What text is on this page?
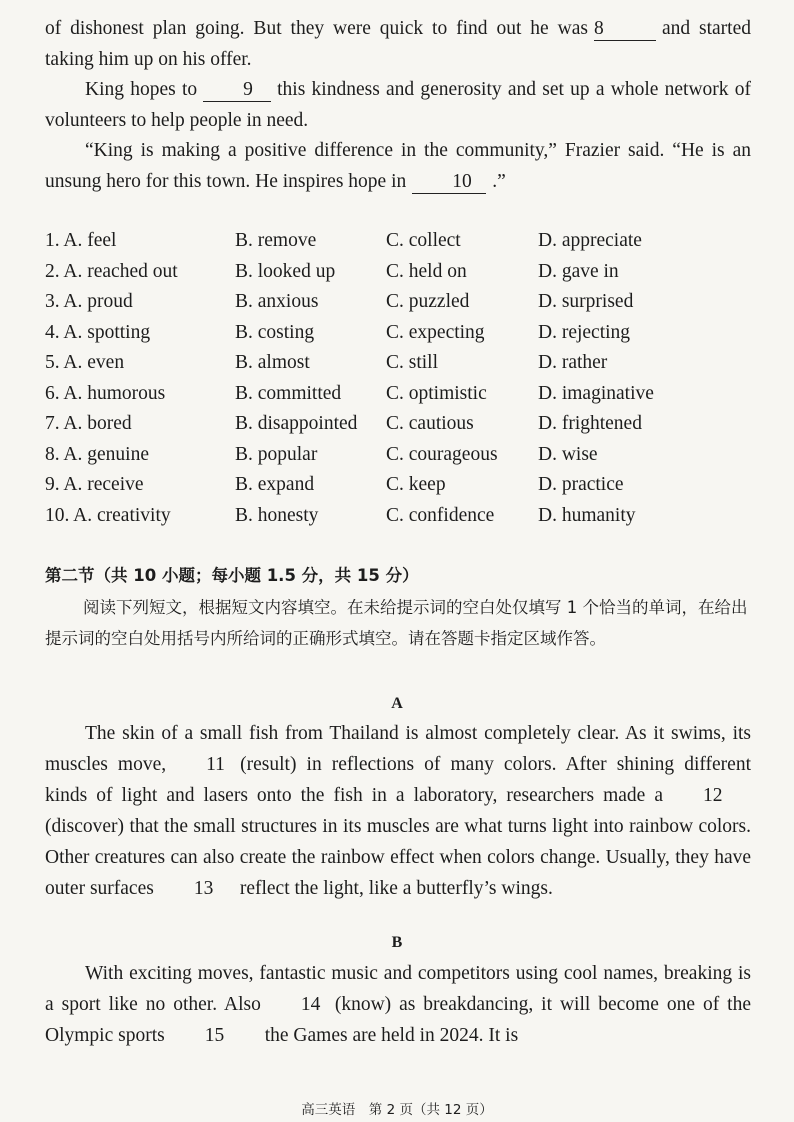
of dishonest plan going. But they were quick to find out he was 8	and started taking him up on his offer.
King hopes to 9 this kindness and generosity and set up a whole network of volunteers to help people in need.
“King is making a positive difference in the community,” Frazier said. “He is an unsung hero for this town. He inspires hope in 10 .”
1. A. feel	B. remove	C. collect	D. appreciate
2. A. reached out	B. looked up	C. held on	D. gave in
3. A. proud	B. anxious	C. puzzled	D. surprised
4. A. spotting	B. costing	C. expecting	D. rejecting
5. A. even	B. almost	C. still	D. rather
6. A. humorous	B. committed C. optimistic	D. imaginative
7. A. bored	B. disappointed C. cautious	D. frightened
8. A. genuine	B. popular	C. courageous D. wise
9. A. receive	B. expand	C. keep	D. practice
10. A. creativity	B. honesty	C. confidence D. humanity
第二节（共 10 小题；每小题 1.5 分，共 15 分）
阅读下列短文，根据短文内容填空。在未给提示词的空白处仅填写 1 个恰当的单词，在给出提示词的空白处用括号内所给词的正确形式填空。请在答题卡指定区域作答。
A
The skin of a small fish from Thailand is almost completely clear. As it swims, its muscles move, 11 (result) in reflections of many colors. After shining different kinds of light and lasers onto the fish in a laboratory, researchers made a 12(discover) that the small structures in its muscles are what turns light into rainbow colors. Other creatures can also create the rainbow effect when colors change. Usually, they have outer surfaces 13 reflect the light, like a butterfly’s wings.
B
With exciting moves, fantastic music and competitors using cool names, breaking is a sport like no other. Also 14 (know) as breakdancing, it will become one of the Olympic sports 15 the Games are held in 2024. It is
高三英语　第 2 页（共 12 页）
